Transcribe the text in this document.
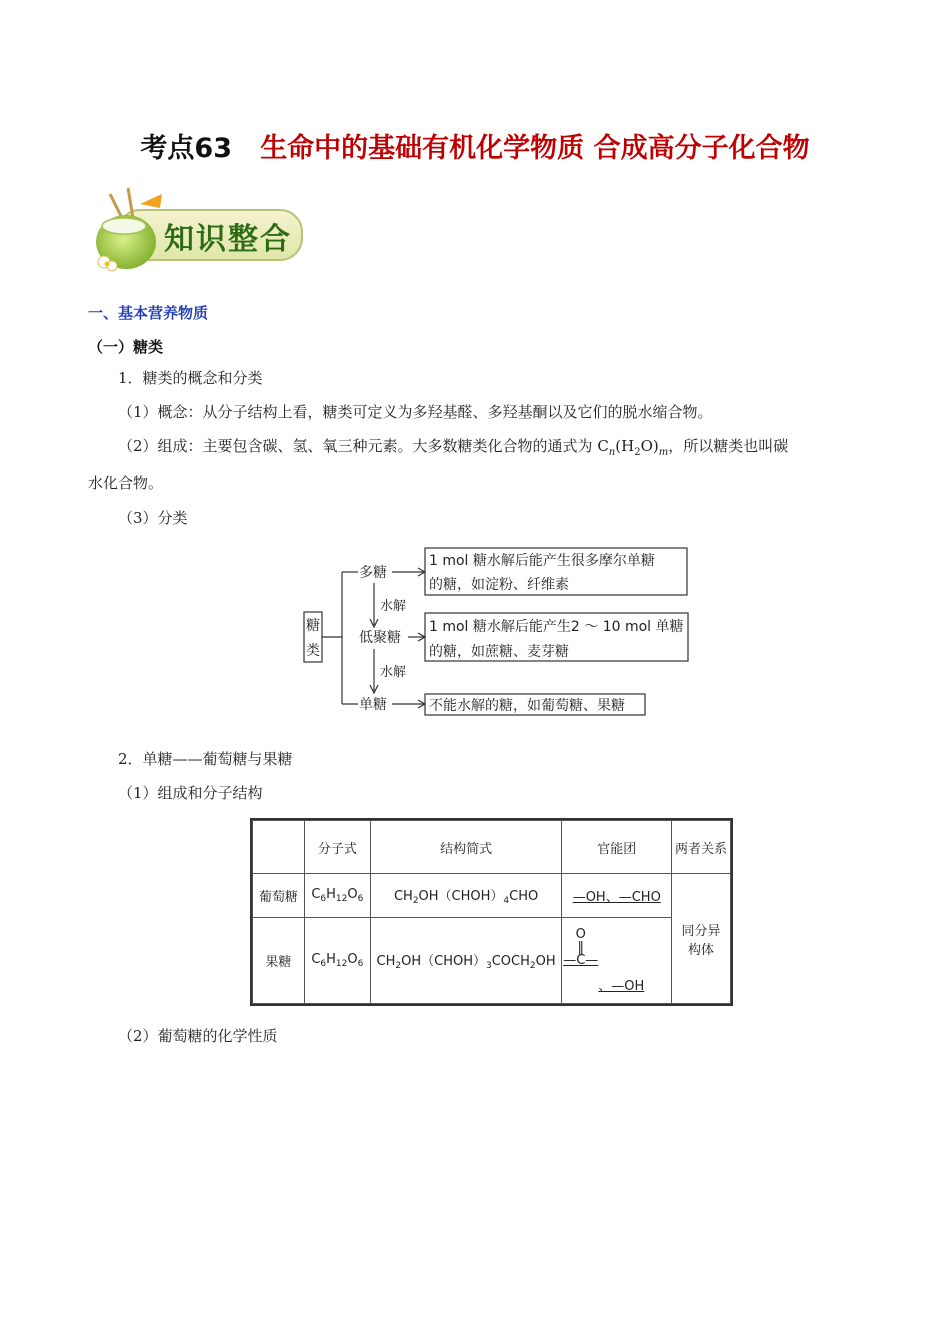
考点63 生命中的基础有机化学物质 合成高分子化合物
知识整合
一、基本营养物质
（一）糖类
1．糖类的概念和分类
（1）概念：从分子结构上看，糖类可定义为多羟基醛、多羟基酮以及它们的脱水缩合物。
（2）组成：主要包含碳、氢、氧三种元素。大多数糖类化合物的通式为 $C_n(H_2O)_m$，所以糖类也叫碳
水化合物。
（3）分类
糖
类
多糖
低聚糖
单糖
水解
水解
1 mol 糖水解后能产生很多摩尔单糖
的糖，如淀粉、纤维素
1 mol 糖水解后能产生2 ～ 10 mol 单糖
的糖，如蔗糖、麦芽糖
不能水解的糖，如葡萄糖、果糖
2．单糖——葡萄糖与果糖
（1）组成和分子结构
	分子式	结构简式	官能团	两者关系
葡萄糖	$C_6H_{12}O_6$	$CH_2OH(CHOH)_4CHO$	—OH、—CHO	同分异
构体

果糖	$C_6H_{12}O_6$	$CH_2OH(CHOH)_3COCH_2OH$	O
‖
—C—
、—OH	
（2）葡萄糖的化学性质
